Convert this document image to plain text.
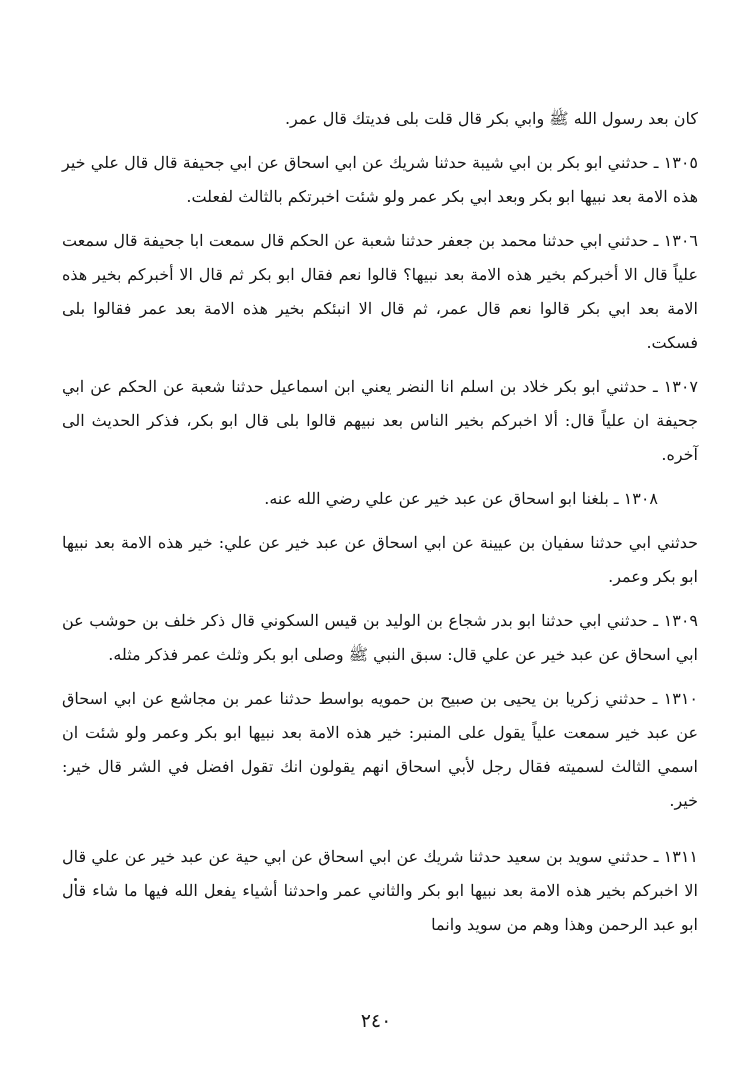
كان بعد رسول الله ﷺ وابي بكر قال قلت بلى فديتك قال عمر.

١٣٠٥ ـ حدثني ابو بكر بن ابي شيبة حدثنا شريك عن ابي اسحاق عن ابي جحيفة قال قال علي خير هذه الامة بعد نبيها ابو بكر وبعد ابي بكر عمر ولو شئت اخبرتكم بالثالث لفعلت.

١٣٠٦ ـ حدثني ابي حدثنا محمد بن جعفر حدثنا شعبة عن الحكم قال سمعت ابا جحيفة قال سمعت علياً قال الا أخبركم بخير هذه الامة بعد نبيها؟ قالوا نعم فقال ابو بكر ثم قال الا أخبركم بخير هذه الامة بعد ابي بكر قالوا نعم قال عمر، ثم قال الا انبئكم بخير هذه الامة بعد عمر فقالوا بلى فسكت.

١٣٠٧ ـ حدثني ابو بكر خلاد بن اسلم انا النضر يعني ابن اسماعيل حدثنا شعبة عن الحكم عن ابي جحيفة ان علياً قال: ألا اخبركم بخير الناس بعد نبيهم قالوا بلى قال ابو بكر، فذكر الحديث الى آخره.

١٣٠٨ ـ بلغنا ابو اسحاق عن عبد خير عن علي رضي الله عنه.

حدثني ابي حدثنا سفيان بن عيينة عن ابي اسحاق عن عبد خير عن علي: خير هذه الامة بعد نبيها ابو بكر وعمر.

١٣٠٩ ـ حدثني ابي حدثنا ابو بدر شجاع بن الوليد بن قيس السكوني قال ذكر خلف بن حوشب عن ابي اسحاق عن عبد خير عن علي قال: سبق النبي ﷺ وصلى ابو بكر وثلث عمر فذكر مثله.

١٣١٠ ـ حدثني زكريا بن يحيى بن صبيح بن حمويه بواسط حدثنا عمر بن مجاشع عن ابي اسحاق عن عبد خير سمعت علياً يقول على المنبر: خير هذه الامة بعد نبيها ابو بكر وعمر ولو شئت ان اسمي الثالث لسميته فقال رجل لأبي اسحاق انهم يقولون انك تقول افضل في الشر قال خير: خير.

١٣١١ ـ حدثني سويد بن سعيد حدثنا شريك عن ابي اسحاق عن ابي حية عن عبد خير عن علي قال الا اخبركم بخير هذه الامة بعد نبيها ابو بكر والثاني عمر واحدثنا أشياء يفعل الله فيها ما شاء قال ابو عبد الرحمن وهذا وهم من سويد وانما

٢٤٠
